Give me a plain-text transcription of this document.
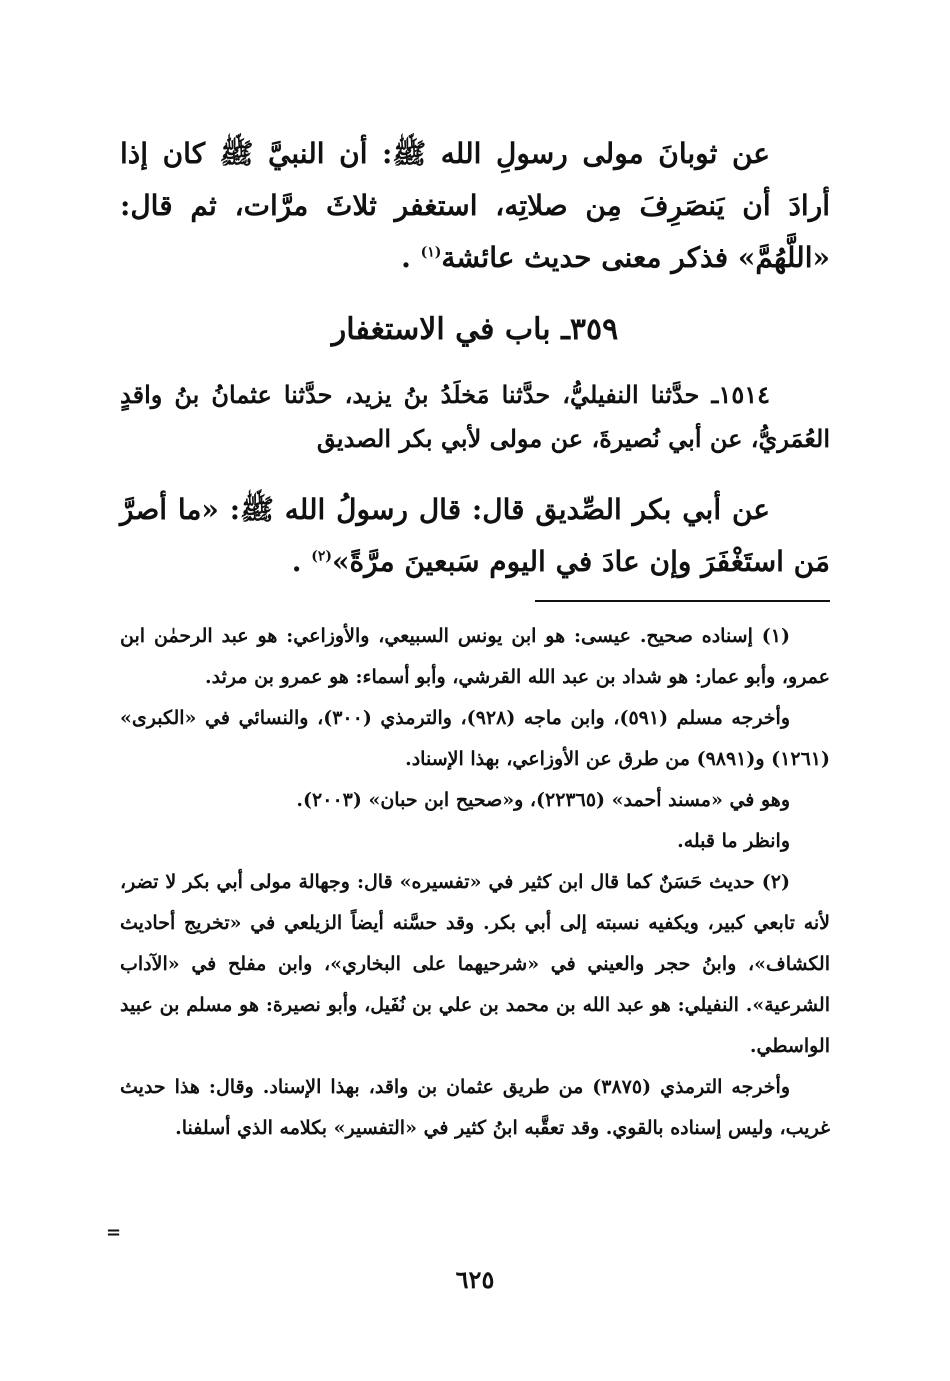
عن ثوبانَ مولى رسولِ الله ﷺ: أن النبيَّ ﷺ كان إذا أرادَ أن يَنصَرِفَ مِن صلاتِه، استغفر ثلاثَ مرَّات، ثم قال: «اللَّهُمَّ» فذكر معنى حديث عائشة$^{(١)}$ .

٣٥٩ـ باب في الاستغفار

١٥١٤ـ حدَّثنا النفيليُّ، حدَّثنا مَخلَدُ بنُ يزيد، حدَّثنا عثمانُ بنُ واقدٍ العُمَريُّ، عن أبي نُصيرةَ، عن مولى لأبي بكر الصديق

عن أبي بكر الصِّديق قال: قال رسولُ الله ﷺ: «ما أصرَّ مَن استَغْفَرَ وإن عادَ في اليوم سَبعينَ مرَّةً»$^{(٢)}$ .

(١) إسناده صحيح. عيسى: هو ابن يونس السبيعي، والأوزاعي: هو عبد الرحمٰن ابن عمرو، وأبو عمار: هو شداد بن عبد الله القرشي، وأبو أسماء: هو عمرو بن مرثد.

وأخرجه مسلم (٥٩١)، وابن ماجه (٩٢٨)، والترمذي (٣٠٠)، والنسائي في «الكبرى» (١٢٦١) و(٩٨٩١) من طرق عن الأوزاعي، بهذا الإسناد.

وهو في «مسند أحمد» (٢٢٣٦٥)، و«صحيح ابن حبان» (٢٠٠٣).

وانظر ما قبله.

(٢) حديث حَسَنٌ كما قال ابن كثير في «تفسيره» قال: وجهالة مولى أبي بكر لا تضر، لأنه تابعي كبير، ويكفيه نسبته إلى أبي بكر. وقد حسَّنه أيضاً الزيلعي في «تخريج أحاديث الكشاف»، وابنُ حجر والعيني في «شرحيهما على البخاري»، وابن مفلح في «الآداب الشرعية». النفيلي: هو عبد الله بن محمد بن علي بن نُفَيل، وأبو نصيرة: هو مسلم بن عبيد الواسطي.

وأخرجه الترمذي (٣٨٧٥) من طريق عثمان بن واقد، بهذا الإسناد. وقال: هذا حديث غريب، وليس إسناده بالقوي. وقد تعقَّبه ابنُ كثير في «التفسير» بكلامه الذي أسلفنا.

=
٦٢٥
